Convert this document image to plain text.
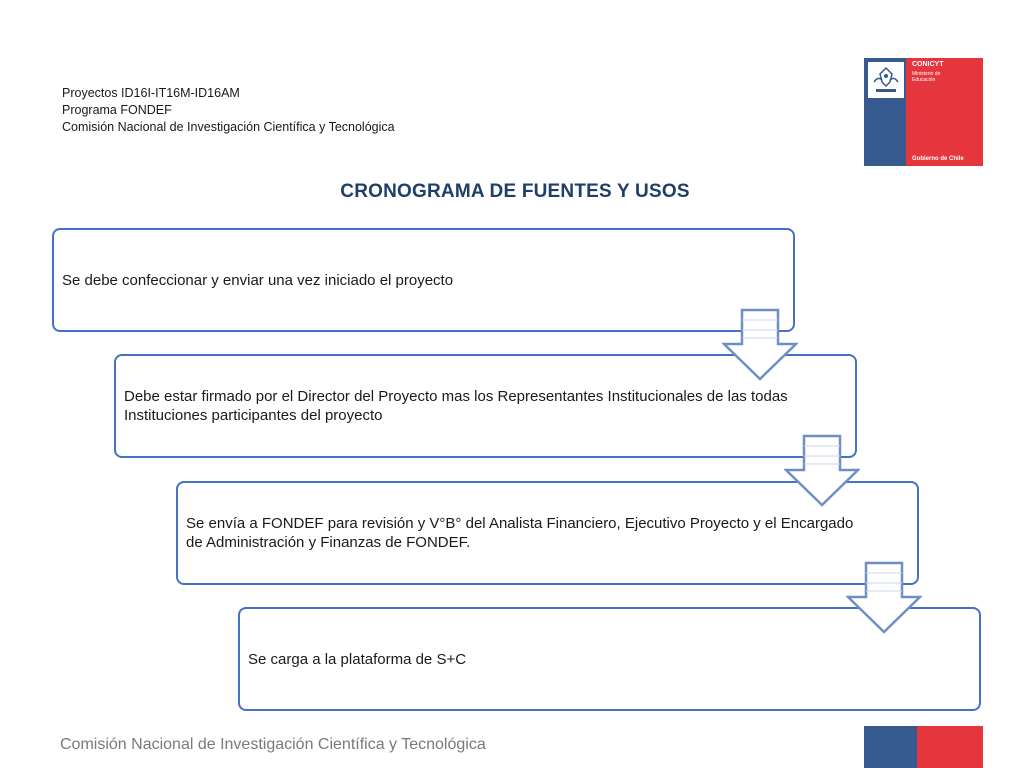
Proyectos ID16I-IT16M-ID16AM
Programa FONDEF
Comisión Nacional de Investigación Científica y Tecnológica
CONICYT
Ministerio de
Educación
Gobierno de Chile
CRONOGRAMA DE FUENTES Y USOS
Se debe confeccionar y enviar una vez iniciado el proyecto
Debe estar firmado por el Director del Proyecto mas los Representantes Institucionales de las todas Instituciones participantes del proyecto
Se envía a FONDEF para revisión y V°B° del Analista Financiero, Ejecutivo Proyecto y el Encargado de Administración y Finanzas de FONDEF.
Se carga a la plataforma de S+C
Comisión Nacional de Investigación Científica y Tecnológica
